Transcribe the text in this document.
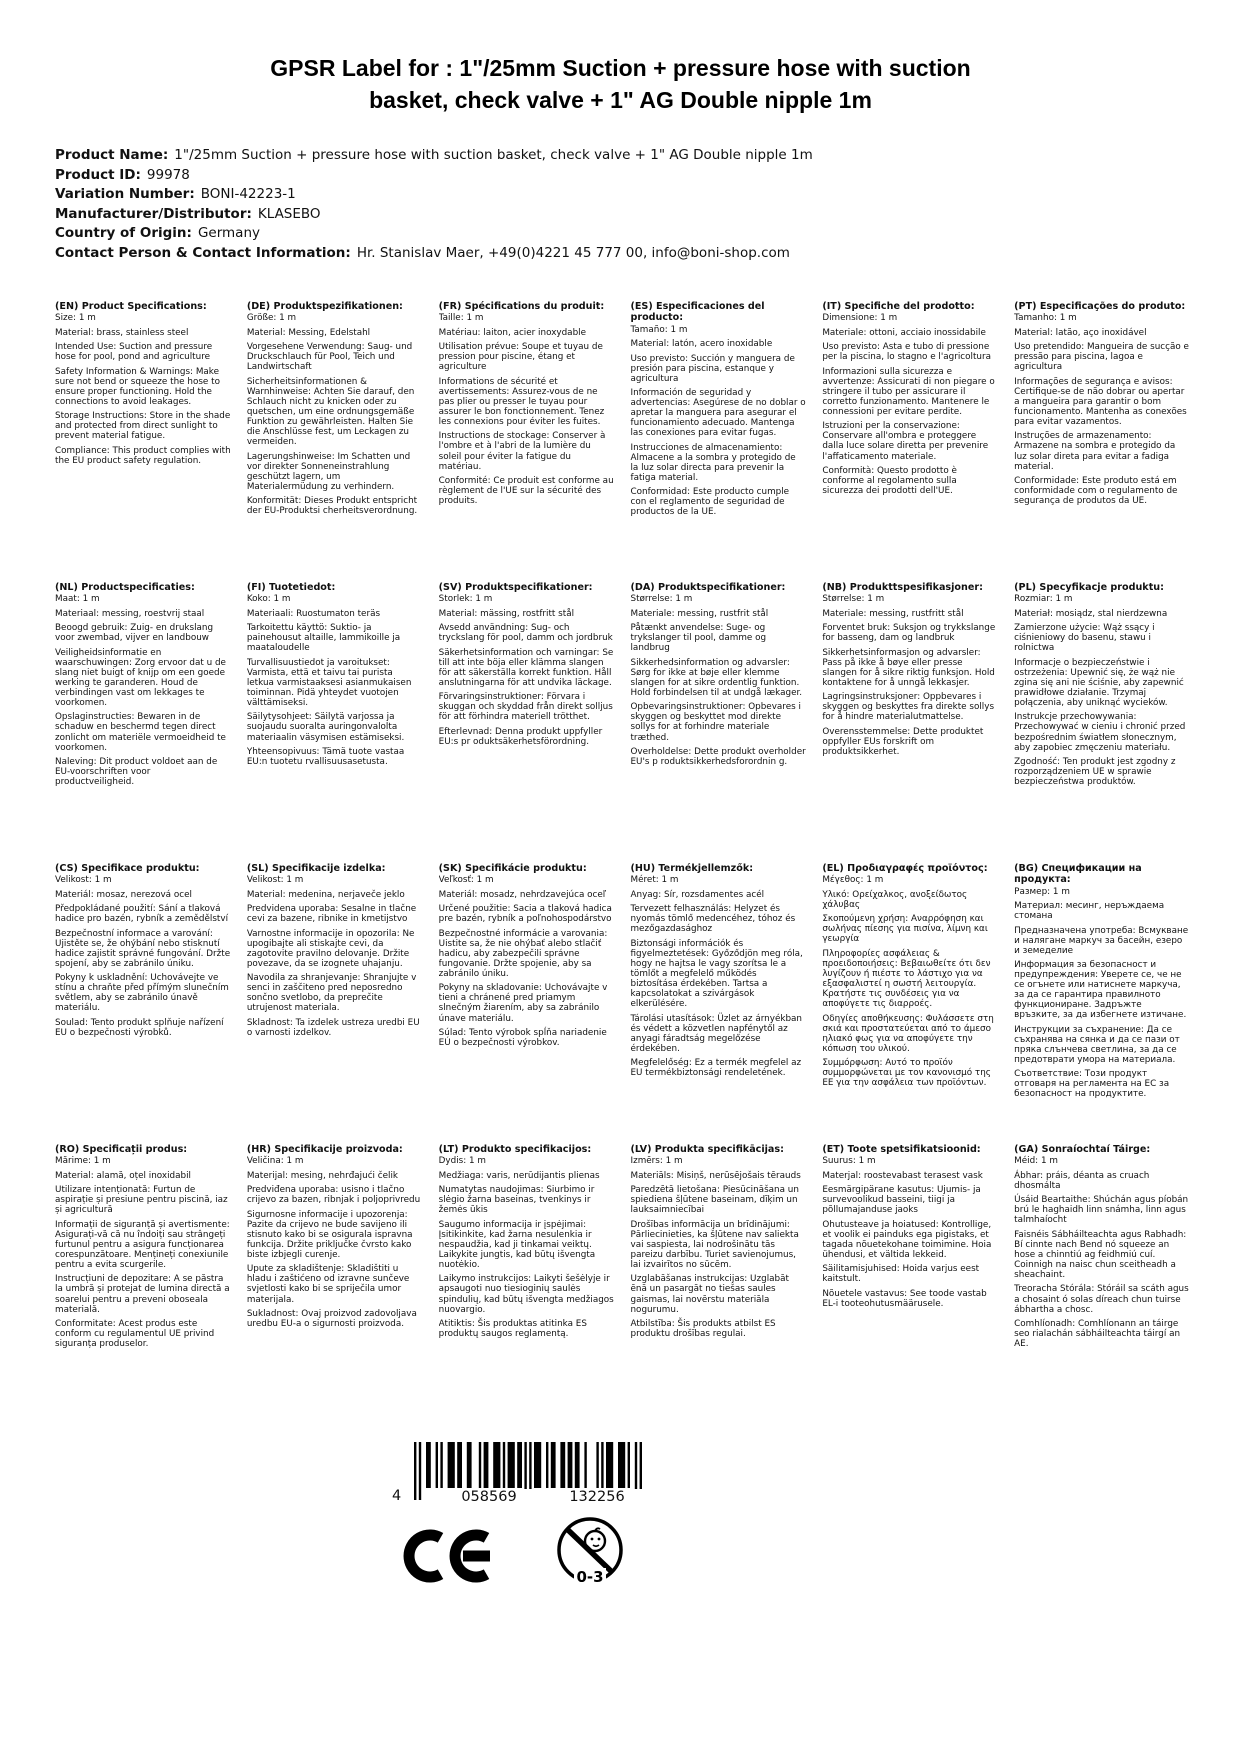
GPSR Label for : 1"/25mm Suction + pressure hose with suction
basket, check valve + 1" AG Double nipple 1m
Product Name: 1"/25mm Suction + pressure hose with suction basket, check valve + 1" AG Double nipple 1m
Product ID: 99978
Variation Number: BONI-42223-1
Manufacturer/Distributor: KLASEBO
Country of Origin: Germany
Contact Person & Contact Information: Hr. Stanislav Maer, +49(0)4221 45 777 00, info@boni-shop.com
(EN) Product Specifications:

Size: 1 m

Material: brass, stainless steel

Intended Use: Suction and pressure hose for pool, pond and agriculture

Safety Information & Warnings: Make sure not bend or squeeze the hose to ensure proper functioning. Hold the connections to avoid leakages.

Storage Instructions: Store in the shade and protected from direct sunlight to prevent material fatigue.

Compliance: This product complies with the EU product safety regulation.

(DE) Produktspezifikationen:

Größe: 1 m

Material: Messing, Edelstahl

Vorgesehene Verwendung: Saug- und Druckschlauch für Pool, Teich und Landwirtschaft

Sicherheitsinformationen & Warnhinweise: Achten Sie darauf, den Schlauch nicht zu knicken oder zu quetschen, um eine ordnungsgemäße Funktion zu gewährleisten. Halten Sie die Anschlüsse fest, um Leckagen zu vermeiden.

Lagerungshinweise: Im Schatten und vor direkter Sonneneinstrahlung geschützt lagern, um Materialermüdung zu verhindern.

Konformität: Dieses Produkt entspricht der EU-Produktsi cherheitsverordnung.

(FR) Spécifications du produit:

Taille: 1 m

Matériau: laiton, acier inoxydable

Utilisation prévue: Soupe et tuyau de pression pour piscine, étang et agriculture

Informations de sécurité et avertissements: Assurez-vous de ne pas plier ou presser le tuyau pour assurer le bon fonctionnement. Tenez les connexions pour éviter les fuites.

Instructions de stockage: Conserver à l'ombre et à l'abri de la lumière du soleil pour éviter la fatigue du matériau.

Conformité: Ce produit est conforme au règlement de l'UE sur la sécurité des produits.

(ES) Especificaciones del producto:

Tamaño: 1 m

Material: latón, acero inoxidable

Uso previsto: Succión y manguera de presión para piscina, estanque y agricultura

Información de seguridad y advertencias: Asegúrese de no doblar o apretar la manguera para asegurar el funcionamiento adecuado. Mantenga las conexiones para evitar fugas.

Instrucciones de almacenamiento: Almacene a la sombra y protegido de la luz solar directa para prevenir la fatiga material.

Conformidad: Este producto cumple con el reglamento de seguridad de productos de la UE.

(IT) Specifiche del prodotto:

Dimensione: 1 m

Materiale: ottoni, acciaio inossidabile

Uso previsto: Asta e tubo di pressione per la piscina, lo stagno e l'agricoltura

Informazioni sulla sicurezza e avvertenze: Assicurati di non piegare o stringere il tubo per assicurare il corretto funzionamento. Mantenere le connessioni per evitare perdite.

Istruzioni per la conservazione: Conservare all'ombra e proteggere dalla luce solare diretta per prevenire l'affaticamento materiale.

Conformità: Questo prodotto è conforme al regolamento sulla sicurezza dei prodotti dell'UE.

(PT) Especificações do produto:

Tamanho: 1 m

Material: latão, aço inoxidável

Uso pretendido: Mangueira de sucção e pressão para piscina, lagoa e agricultura

Informações de segurança e avisos: Certifique-se de não dobrar ou apertar a mangueira para garantir o bom funcionamento. Mantenha as conexões para evitar vazamentos.

Instruções de armazenamento: Armazene na sombra e protegido da luz solar direta para evitar a fadiga material.

Conformidade: Este produto está em conformidade com o regulamento de segurança de produtos da UE.

(NL) Productspecificaties:

Maat: 1 m

Materiaal: messing, roestvrij staal

Beoogd gebruik: Zuig- en drukslang voor zwembad, vijver en landbouw

Veiligheidsinformatie en waarschuwingen: Zorg ervoor dat u de slang niet buigt of knijp om een goede werking te garanderen. Houd de verbindingen vast om lekkages te voorkomen.

Opslaginstructies: Bewaren in de schaduw en beschermd tegen direct zonlicht om materiële vermoeidheid te voorkomen.

Naleving: Dit product voldoet aan de EU-voorschriften voor productveiligheid.

(FI) Tuotetiedot:

Koko: 1 m

Materiaali: Ruostumaton teräs

Tarkoitettu käyttö: Suktio- ja painehousut altaille, lammikoille ja maataloudelle

Turvallisuustiedot ja varoitukset: Varmista, että et taivu tai purista letkua varmistaaksesi asianmukaisen toiminnan. Pidä yhteydet vuotojen välttämiseksi.

Säilytysohjeet: Säilytä varjossa ja suojaudu suoralta auringonvalolta materiaalin väsymisen estämiseksi.

Yhteensopivuus: Tämä tuote vastaa EU:n tuotetu rvallisuusasetusta.

(SV) Produktspecifikationer:

Storlek: 1 m

Material: mässing, rostfritt stål

Avsedd användning: Sug- och tryckslang för pool, damm och jordbruk

Säkerhetsinformation och varningar: Se till att inte böja eller klämma slangen för att säkerställa korrekt funktion. Håll anslutningarna för att undvika läckage.

Förvaringsinstruktioner: Förvara i skuggan och skyddad från direkt solljus för att förhindra materiell trötthet.

Efterlevnad: Denna produkt uppfyller EU:s pr oduktsäkerhetsförordning.

(DA) Produktspecifikationer:

Størrelse: 1 m

Materiale: messing, rustfrit stål

Påtænkt anvendelse: Suge- og trykslanger til pool, damme og landbrug

Sikkerhedsinformation og advarsler: Sørg for ikke at bøje eller klemme slangen for at sikre ordentlig funktion. Hold forbindelsen til at undgå lækager.

Opbevaringsinstruktioner: Opbevares i skyggen og beskyttet mod direkte sollys for at forhindre materiale træthed.

Overholdelse: Dette produkt overholder EU's p roduktsikkerhedsforordnin g.

(NB) Produkttspesifikasjoner:

Størrelse: 1 m

Materiale: messing, rustfritt stål

Forventet bruk: Suksjon og trykkslange for basseng, dam og landbruk

Sikkerhetsinformasjon og advarsler: Pass på ikke å bøye eller presse slangen for å sikre riktig funksjon. Hold kontaktene for å unngå lekkasjer.

Lagringsinstruksjoner: Oppbevares i skyggen og beskyttes fra direkte sollys for å hindre materialutmattelse.

Overensstemmelse: Dette produktet oppfyller EUs forskrift om produktsikkerhet.

(PL) Specyfikacje produktu:

Rozmiar: 1 m

Materiał: mosiądz, stal nierdzewna

Zamierzone użycie: Wąż ssący i ciśnieniowy do basenu, stawu i rolnictwa

Informacje o bezpieczeństwie i ostrzeżenia: Upewnić się, że wąż nie zgina się ani nie ściśnie, aby zapewnić prawidłowe działanie. Trzymaj połączenia, aby uniknąć wycieków.

Instrukcje przechowywania: Przechowywać w cieniu i chronić przed bezpośrednim światłem słonecznym, aby zapobiec zmęczeniu materiału.

Zgodność: Ten produkt jest zgodny z rozporządzeniem UE w sprawie bezpieczeństwa produktów.

(CS) Specifikace produktu:

Velikost: 1 m

Materiál: mosaz, nerezová ocel

Předpokládané použití: Sání a tlaková hadice pro bazén, rybník a zemědělství

Bezpečnostní informace a varování: Ujistěte se, že ohýbání nebo stisknutí hadice zajistit správné fungování. Držte spojení, aby se zabránilo úniku.

Pokyny k uskladnění: Uchovávejte ve stínu a chraňte před přímým slunečním světlem, aby se zabránilo únavě materiálu.

Soulad: Tento produkt splňuje nařízení EU o bezpečnosti výrobků.

(SL) Specifikacije izdelka:

Velikost: 1 m

Material: medenina, nerjaveče jeklo

Predvidena uporaba: Sesalne in tlačne cevi za bazene, ribnike in kmetijstvo

Varnostne informacije in opozorila: Ne upogibajte ali stiskajte cevi, da zagotovite pravilno delovanje. Držite povezave, da se izognete uhajanju.

Navodila za shranjevanje: Shranjujte v senci in zaščiteno pred neposredno sončno svetlobo, da preprečite utrujenost materiala.

Skladnost: Ta izdelek ustreza uredbi EU o varnosti izdelkov.

(SK) Špecifikácie produktu:

Veľkosť: 1 m

Materiál: mosadz, nehrdzavejúca oceľ

Určené použitie: Sacia a tlaková hadica pre bazén, rybník a poľnohospodárstvo

Bezpečnostné informácie a varovania: Uistite sa, že nie ohýbať alebo stlačiť hadicu, aby zabezpečili správne fungovanie. Držte spojenie, aby sa zabránilo úniku.

Pokyny na skladovanie: Uchovávajte v tieni a chránené pred priamym slnečným žiarením, aby sa zabránilo únave materiálu.

Súlad: Tento výrobok spĺňa nariadenie EÚ o bezpečnosti výrobkov.

(HU) Termékjellemzők:

Méret: 1 m

Anyag: Sír, rozsdamentes acél

Tervezett felhasználás: Helyzet és nyomás tömlő medencéhez, tóhoz és mezőgazdasághoz

Biztonsági információk és figyelmeztetések: Győződjön meg róla, hogy ne hajtsa le vagy szorítsa le a tömlőt a megfelelő működés biztosítása érdekében. Tartsa a kapcsolatokat a szivárgások elkerülésére.

Tárolási utasítások: Üzlet az árnyékban és védett a közvetlen napfénytől az anyagi fáradtság megelőzése érdekében.

Megfelelőség: Ez a termék megfelel az EU termékbiztonsági rendeletének.

(EL) Προδιαγραφές προϊόντος:

Μέγεθος: 1 m

Υλικό: Ορείχαλκος, ανοξείδωτος χάλυβας

Σκοπούμενη χρήση: Αναρρόφηση και σωλήνας πίεσης για πισίνα, λίμνη και γεωργία

Πληροφορίες ασφάλειας & προειδοποιήσεις: Βεβαιωθείτε ότι δεν λυγίζουν ή πιέστε το λάστιχο για να εξασφαλιστεί η σωστή λειτουργία. Κρατήστε τις συνδέσεις για να αποφύγετε τις διαρροές.

Οδηγίες αποθήκευσης: Φυλάσσετε στη σκιά και προστατεύεται από το άμεσο ηλιακό φως για να αποφύγετε την κόπωση του υλικού.

Συμμόρφωση: Αυτό το προϊόν συμμορφώνεται με τον κανονισμό της ΕΕ για την ασφάλεια των προϊόντων.

(BG) Спецификации на продукта:

Размер: 1 m

Материал: месинг, неръждаема стомана

Предназначена употреба: Всмукване и налягане маркуч за басейн, езеро и земеделие

Информация за безопасност и предупреждения: Уверете се, че не се огънете или натиснете маркуча, за да се гарантира правилното функциониране. Задръжте връзките, за да избегнете изтичане.

Инструкции за съхранение: Да се съхранява на сянка и да се пази от пряка слънчева светлина, за да се предотврати умора на материала.

Съответствие: Този продукт отговаря на регламента на ЕС за безопасност на продуктите.

(RO) Specificații produs:

Mărime: 1 m

Material: alamă, oțel inoxidabil

Utilizare intenționată: Furtun de aspirație și presiune pentru piscină, iaz și agricultură

Informații de siguranță și avertismente: Asigurați-vă că nu îndoiți sau strângeți furtunul pentru a asigura funcționarea corespunzătoare. Mențineți conexiunile pentru a evita scurgerile.

Instrucțiuni de depozitare: A se păstra la umbră și protejat de lumina directă a soarelui pentru a preveni oboseala materială.

Conformitate: Acest produs este conform cu regulamentul UE privind siguranța produselor.

(HR) Specifikacije proizvoda:

Veličina: 1 m

Materijal: mesing, nehrđajući čelik

Predviđena uporaba: usisno i tlačno crijevo za bazen, ribnjak i poljoprivredu

Sigurnosne informacije i upozorenja: Pazite da crijevo ne bude savijeno ili stisnuto kako bi se osigurala ispravna funkcija. Držite priključke čvrsto kako biste izbjegli curenje.

Upute za skladištenje: Skladištiti u hladu i zaštićeno od izravne sunčeve svjetlosti kako bi se spriječila umor materijala.

Sukladnost: Ovaj proizvod zadovoljava uredbu EU-a o sigurnosti proizvoda.

(LT) Produkto specifikacijos:

Dydis: 1 m

Medžiaga: varis, nerūdijantis plienas

Numatytas naudojimas: Siurbimo ir slėgio žarna baseinas, tvenkinys ir žemės ūkis

Saugumo informacija ir įspėjimai: Įsitikinkite, kad žarna nesulenkia ir nespaudžia, kad ji tinkamai veiktų. Laikykite jungtis, kad būtų išvengta nuotėkio.

Laikymo instrukcijos: Laikyti šešėlyje ir apsaugoti nuo tiesioginių saulės spindulių, kad būtų išvengta medžiagos nuovargio.

Atitiktis: Šis produktas atitinka ES produktų saugos reglamentą.

(LV) Produkta specifikācijas:

Izmērs: 1 m

Materiāls: Misiņš, nerūsējošais tērauds

Paredzētā lietošana: Piesūcināšana un spiediena šļūtene baseinam, dīķim un lauksaimniecībai

Drošības informācija un brīdinājumi: Pārliecinieties, ka šļūtene nav saliekta vai saspiesta, lai nodrošinātu tās pareizu darbību. Turiet savienojumus, lai izvairītos no sūcēm.

Uzglabāšanas instrukcijas: Uzglabāt ēnā un pasargāt no tiešas saules gaismas, lai novērstu materiāla nogurumu.

Atbilstība: Šis produkts atbilst ES produktu drošības regulai.

(ET) Toote spetsifikatsioonid:

Suurus: 1 m

Materjal: roostevabast terasest vask

Eesmärgipärane kasutus: Ujumis- ja survevoolikud basseini, tiigi ja põllumajanduse jaoks

Ohutusteave ja hoiatused: Kontrollige, et voolik ei painduks ega pigistaks, et tagada nõuetekohane toimimine. Hoia ühendusi, et vältida lekkeid.

Säilitamisjuhised: Hoida varjus eest kaitstult.

Nõuetele vastavus: See toode vastab EL-i tooteohutusmäärusele.

(GA) Sonraíochtaí Táirge:

Méid: 1 m

Ábhar: práis, déanta as cruach dhosmálta

Úsáid Beartaithe: Shúchán agus píobán brú le haghaidh linn snámha, linn agus talmhaíocht

Faisnéis Sábháilteachta agus Rabhadh: Bí cinnte nach Bend nó squeeze an hose a chinntiú ag feidhmiú cuí. Coinnigh na naisc chun sceitheadh a sheachaint.

Treoracha Stórála: Stóráil sa scáth agus a chosaint ó solas díreach chun tuirse ábhartha a chosc.

Comhlíonadh: Comhlíonann an táirge seo rialachán sábháilteachta táirgí an AE.

4	058569	132256
0-3
